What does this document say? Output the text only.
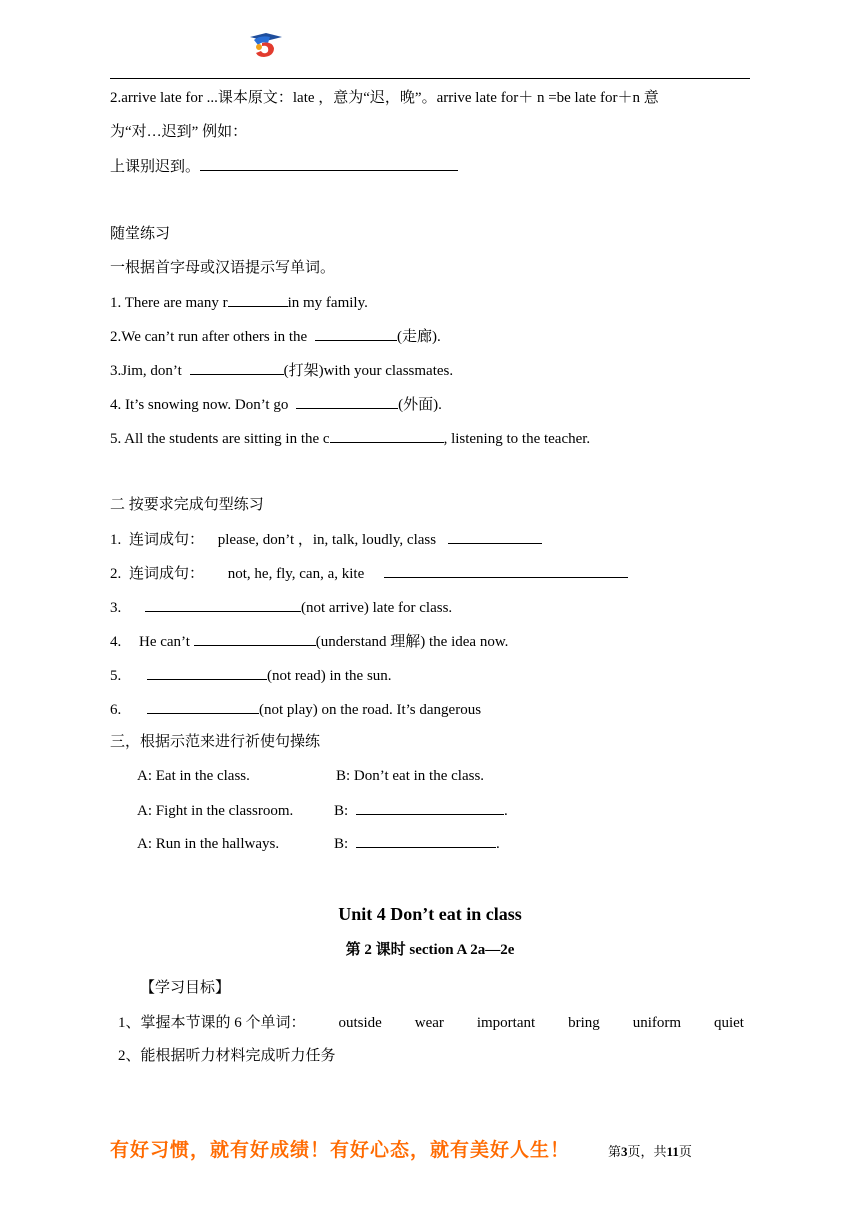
2.arrive late for ...课本原文：late ，意为“迟，晚”。arrive late for＋ n =be late for＋n 意
为“对…迟到” 例如：
上课别迟到。
随堂练习
一根据首字母或汉语提示写单词。
1. There are many r	in my family.
2.We can’t run after others in the	(走廊).
3.Jim, don’t	(打架)with your classmates.
4. It’s snowing now. Don’t go	(外面).
5. All the students are sitting in the c	, listening to the teacher.
二 按要求完成句型练习
1. 连词成句： please, don’t ，in, talk, loudly, class
2. 连词成句： not, he, fly, can, a, kite
3.	(not arrive) late for class.
4. He can’t	(understand 理解) the idea now.
5.	(not read) in the sun.
6.	(not play) on the road. It’s dangerous
三，根据示范来进行祈使句操练
A: Eat in the class.	B: Don’t eat in the class.
A: Fight in the classroom.	B:	.
A: Run in the hallways.	B:	.
Unit 4 Don’t eat in class
第 2 课时 section A 2a—2e
【学习目标】
1、掌握本节课的 6 个单词： outside wear important bring uniform quiet
2、能根据听力材料完成听力任务
有好习惯，就有好成绩！有好心态，就有美好人生！	第3页，共11页
